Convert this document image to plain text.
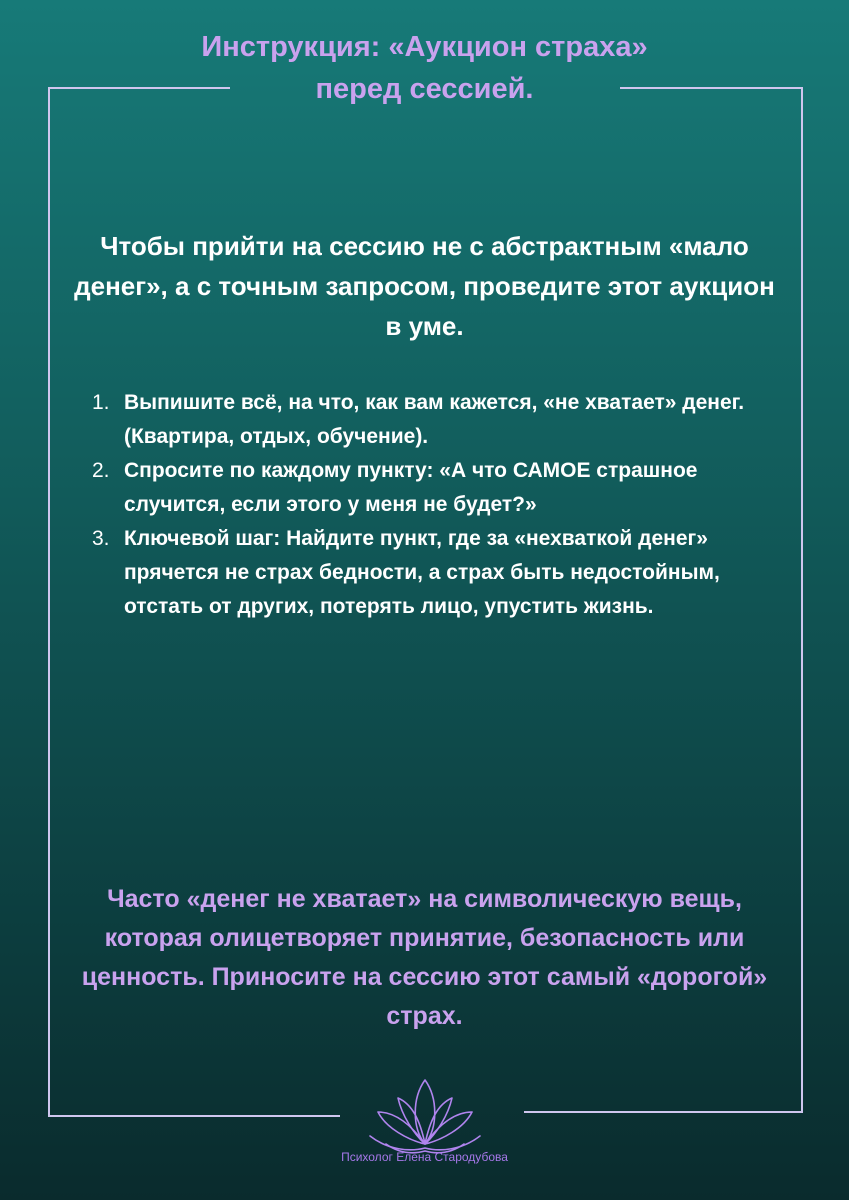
Инструкция: «Аукцион страха» перед сессией.

Чтобы прийти на сессию не с абстрактным «мало денег», а с точным запросом, проведите этот аукцион в уме.

1. Выпишите всё, на что, как вам кажется, «не хватает» денег. (Квартира, отдых, обучение).
2. Спросите по каждому пункту: «А что САМОЕ страшное случится, если этого у меня не будет?»
3. Ключевой шаг: Найдите пункт, где за «нехваткой денег» прячется не страх бедности, а страх быть недостойным, отстать от других, потерять лицо, упустить жизнь.

Часто «денег не хватает» на символическую вещь, которая олицетворяет принятие, безопасность или ценность. Приносите на сессию этот самый «дорогой» страх.

Психолог Елена Стародубова
